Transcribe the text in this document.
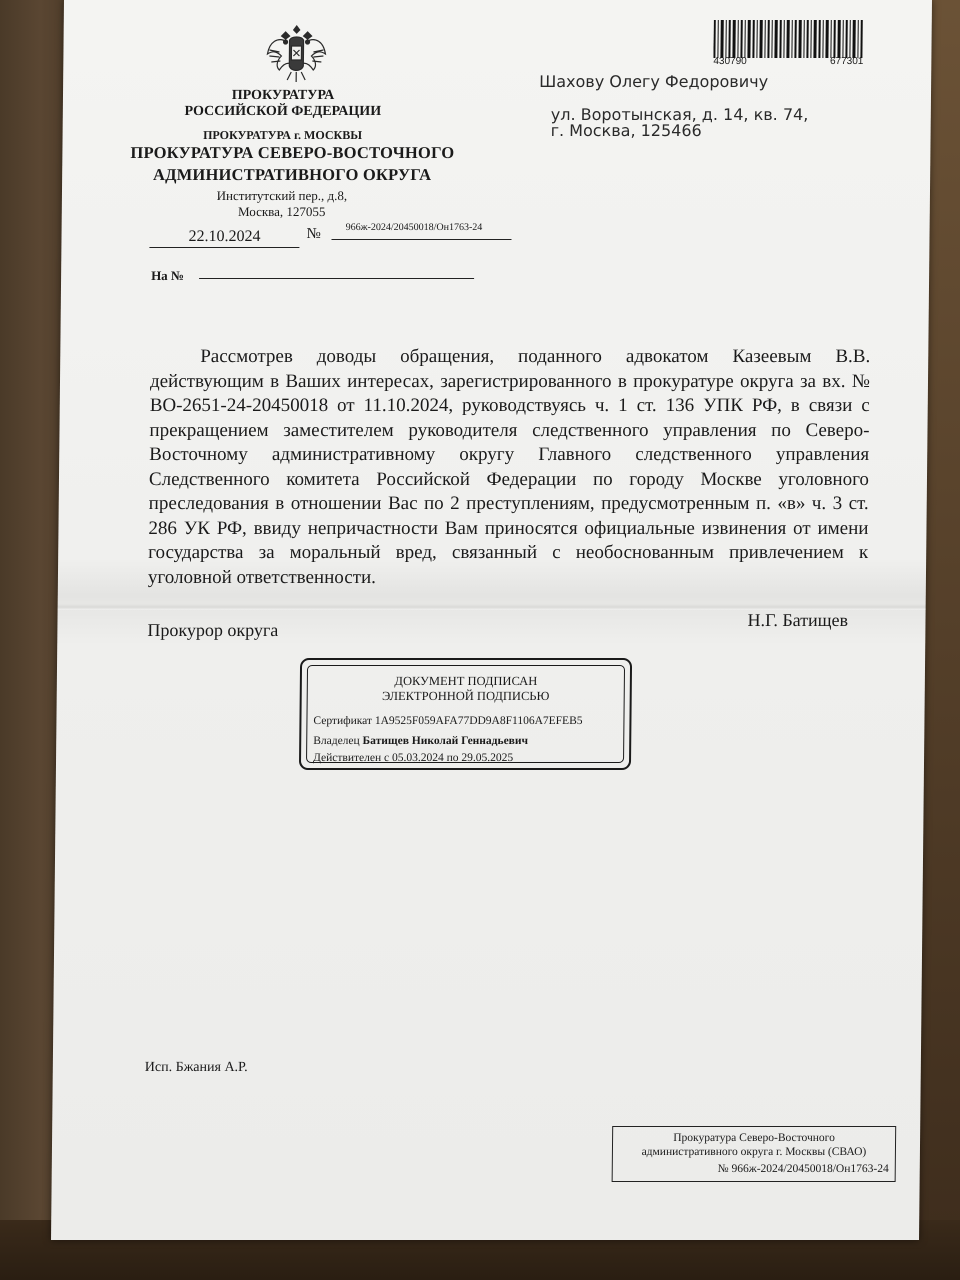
ПРОКУРАТУРА
РОССИЙСКОЙ ФЕДЕРАЦИИ
ПРОКУРАТУРА г. МОСКВЫ
ПРОКУРАТУРА СЕВЕРО-ВОСТОЧНОГО
АДМИНИСТРАТИВНОГО ОКРУГА
Институтский пер., д.8,
Москва, 127055
22.10.2024	№	966ж-2024/20450018/Он1763-24
На №
430790	677301
Шахову Олегу Федоровичу
ул. Воротынская, д. 14, кв. 74,
г. Москва, 125466
Рассмотрев доводы обращения, поданного адвокатом Казеевым В.В. действующим в Ваших интересах, зарегистрированного в прокуратуре округа за вх. № ВО-2651-24-20450018 от 11.10.2024, руководствуясь ч. 1 ст. 136 УПК РФ, в связи с прекращением заместителем руководителя следственного управления по Северо-Восточному административному округу Главного следственного управления Следственного комитета Российской Федерации по городу Москве уголовного преследования в отношении Вас по 2 преступлениям, предусмотренным п. «в» ч. 3 ст. 286 УК РФ, ввиду непричастности Вам приносятся официальные извинения от имени государства за моральный вред, связанный с необоснованным привлечением к уголовной ответственности.
Прокурор округа	Н.Г. Батищев
ДОКУМЕНТ ПОДПИСАН
ЭЛЕКТРОННОЙ ПОДПИСЬЮ
Сертификат 1A9525F059AFA77DD9A8F1106A7EFEB5
Владелец Батищев Николай Геннадьевич
Действителен с 05.03.2024 по 29.05.2025
Исп. Бжания А.Р.
Прокуратура Северо-Восточного
административного округа г. Москвы (СВАО)
№ 966ж-2024/20450018/Он1763-24
